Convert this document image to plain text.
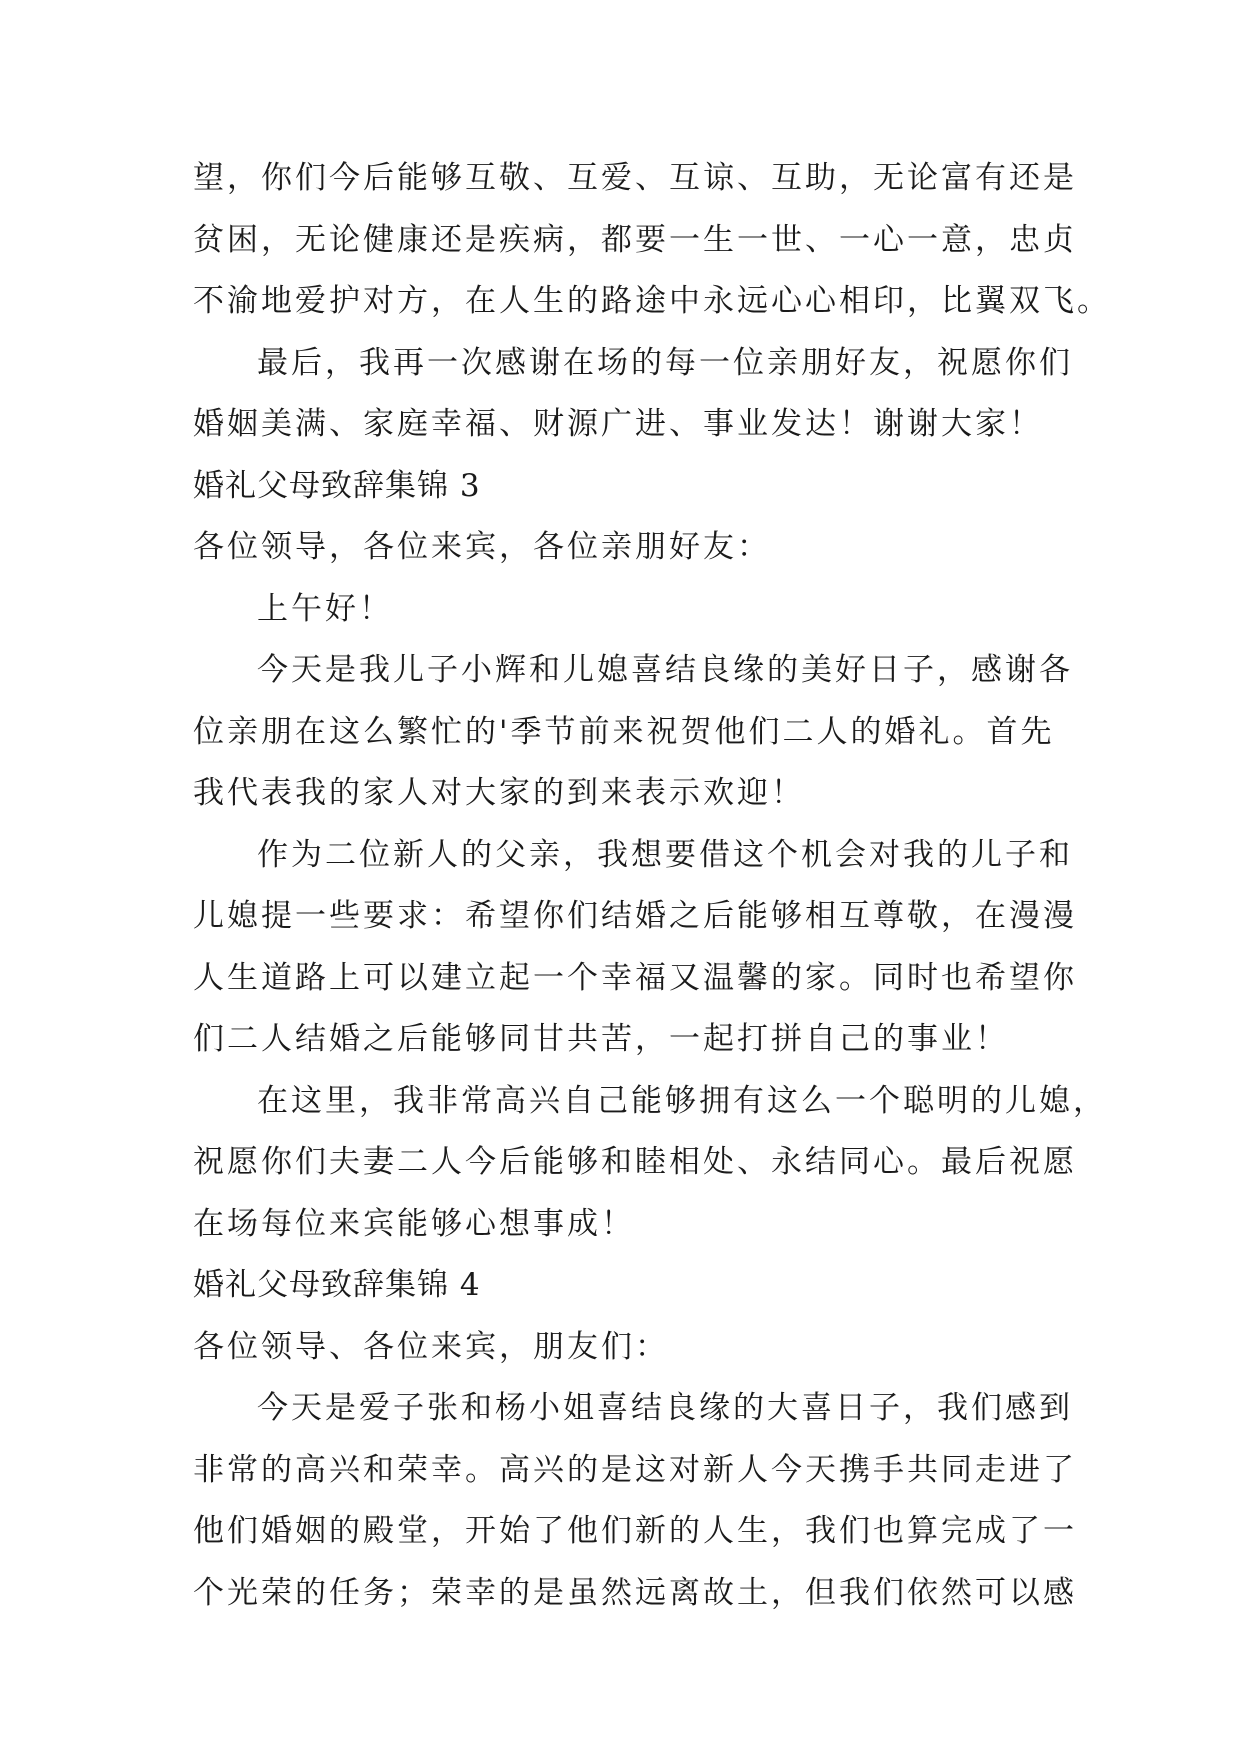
望，你们今后能够互敬、互爱、互谅、互助，无论富有还是
贫困，无论健康还是疾病，都要一生一世、一心一意，忠贞
不渝地爱护对方，在人生的路途中永远心心相印，比翼双飞。
最后，我再一次感谢在场的每一位亲朋好友，祝愿你们
婚姻美满、家庭幸福、财源广进、事业发达！谢谢大家！
婚礼父母致辞集锦 3
各位领导，各位来宾，各位亲朋好友：
上午好！
今天是我儿子小辉和儿媳喜结良缘的美好日子，感谢各
位亲朋在这么繁忙的'季节前来祝贺他们二人的婚礼。首先
我代表我的家人对大家的到来表示欢迎！
作为二位新人的父亲，我想要借这个机会对我的儿子和
儿媳提一些要求：希望你们结婚之后能够相互尊敬，在漫漫
人生道路上可以建立起一个幸福又温馨的家。同时也希望你
们二人结婚之后能够同甘共苦，一起打拼自己的事业！
在这里，我非常高兴自己能够拥有这么一个聪明的儿媳，
祝愿你们夫妻二人今后能够和睦相处、永结同心。最后祝愿
在场每位来宾能够心想事成！
婚礼父母致辞集锦 4
各位领导、各位来宾，朋友们：
今天是爱子张和杨小姐喜结良缘的大喜日子，我们感到
非常的高兴和荣幸。高兴的是这对新人今天携手共同走进了
他们婚姻的殿堂，开始了他们新的人生，我们也算完成了一
个光荣的任务；荣幸的是虽然远离故土，但我们依然可以感
